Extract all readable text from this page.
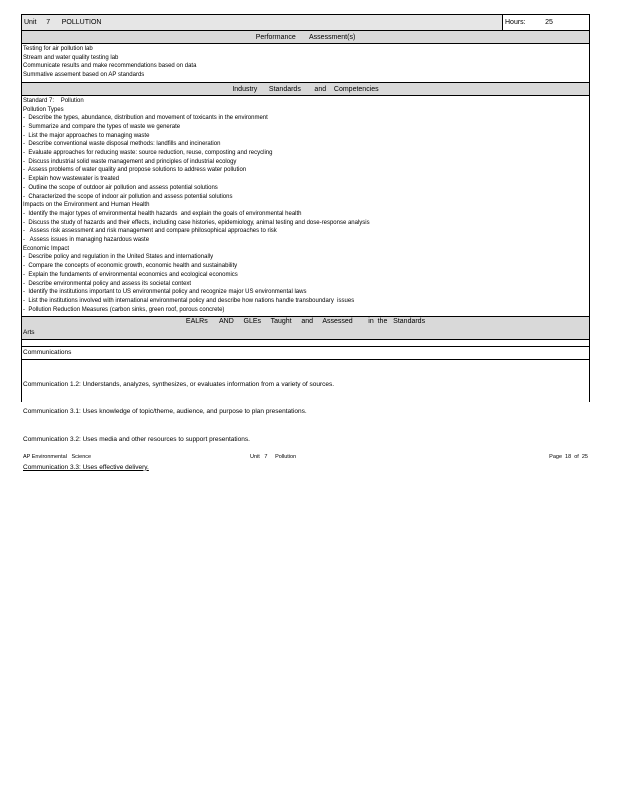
Unit 7 POLLUTION	Hours:	25
Performance       Assessment(s)
Testing for air pollution lab
Stream and water quality testing lab
Communicate results and make recommendations based on data
Summative assement based on AP standards
Industry      Standards       and    Competencies
Standard 7:    Pollution
Pollution Types
-  Describe the types, abundance, distribution and movement of toxicants in the environment
-  Summarize and compare the types of waste we generate
-  List the major approaches to managing waste
-  Describe conventional waste disposal methods: landfills and incineration
-  Evaluate approaches for reducing waste: source reduction, reuse, composting and recycling
-  Discuss industrial solid waste management and principles of industrial ecology
-  Assess problems of water quality and propose solutions to address water pollution
-  Explain how wastewater is treated
-  Outline the scope of outdoor air pollution and assess potential solutions
-  Characterized the scope of indoor air pollution and assess potential solutions
Impacts on the Environment and Human Health
-  Identify the major types of environmental health hazards  and explain the goals of environmental health
-  Discuss the study of hazards and their effects, including case histories, epidemiology, animal testing and dose-response analysis
-   Assess risk assessment and risk management and compare philosophical approaches to risk
-   Assess issues in managing hazardous waste
Economic Impact
-  Describe policy and regulation in the United States and internationally
-  Compare the concepts of economic growth, economic health and sustainability
-  Explain the fundaments of environmental economics and ecological economics
-  Describe environmental policy and assess its societal context
-  Identify the institutions important to US environmental policy and recognize major US environmental laws
-  List the institutions involved with international environmental policy and describe how nations handle transboundary  issues
-  Pollution Reduction Measures (carbon sinks, green roof, porous concrete)
EALRs      AND     GLEs     Taught     and     Assessed        in  the   Standards
Arts
Communications

Communication 1.2: Understands, analyzes, synthesizes, or evaluates information from a variety of sources.

Communication 3.1: Uses knowledge of topic/theme, audience, and purpose to plan presentations.

Communication 3.2: Uses media and other resources to support presentations.

Communication 3.3: Uses effective delivery.

AP Environmental   Science	Unit   7     Pollution	Page  18  of  25
